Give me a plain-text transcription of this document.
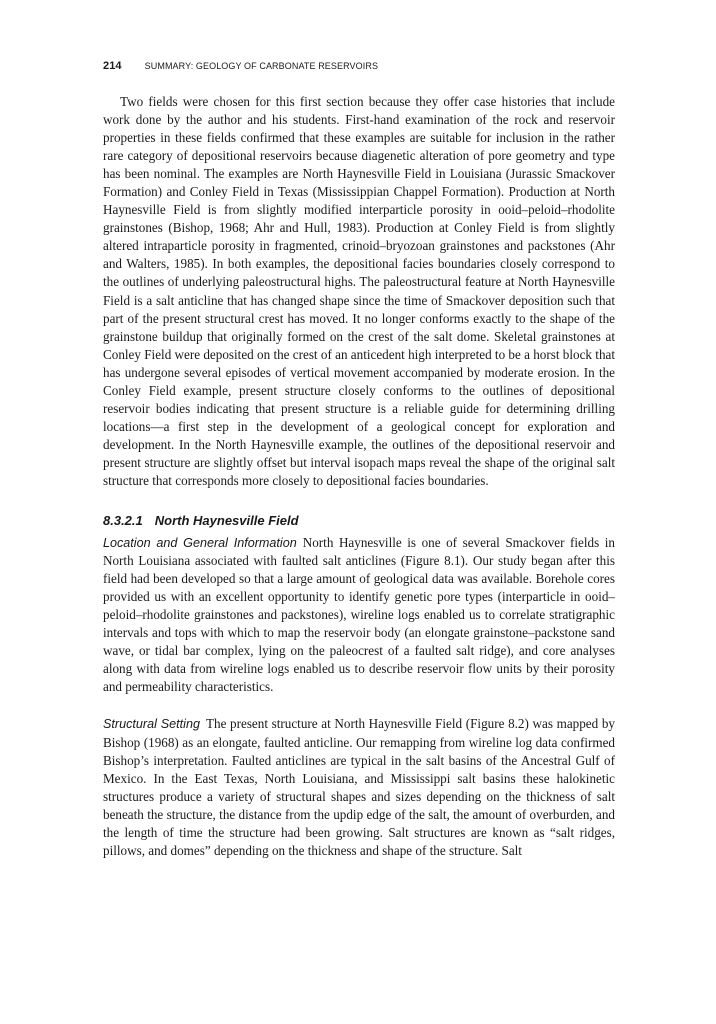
214	SUMMARY: GEOLOGY OF CARBONATE RESERVOIRS

Two fields were chosen for this first section because they offer case histories that include work done by the author and his students. First-hand examination of the rock and reservoir properties in these fields confirmed that these examples are suitable for inclusion in the rather rare category of depositional reservoirs because diagenetic alteration of pore geometry and type has been nominal. The examples are North Haynesville Field in Louisiana (Jurassic Smackover Formation) and Conley Field in Texas (Mississippian Chappel Formation). Production at North Haynesville Field is from slightly modified interparticle porosity in ooid–peloid–rhodolite grainstones (Bishop, 1968; Ahr and Hull, 1983). Production at Conley Field is from slightly altered intraparticle porosity in fragmented, crinoid–bryozoan grainstones and packstones (Ahr and Walters, 1985). In both examples, the depositional facies boundaries closely correspond to the outlines of underlying paleostructural highs. The paleostructural feature at North Haynesville Field is a salt anticline that has changed shape since the time of Smackover deposition such that part of the present structural crest has moved. It no longer conforms exactly to the shape of the grainstone buildup that originally formed on the crest of the salt dome. Skeletal grainstones at Conley Field were deposited on the crest of an anticedent high interpreted to be a horst block that has undergone several episodes of vertical movement accompanied by moderate erosion. In the Conley Field example, present structure closely conforms to the outlines of depositional reservoir bodies indicating that present structure is a reliable guide for determining drilling locations—a first step in the development of a geological concept for exploration and development. In the North Haynesville example, the outlines of the depositional reservoir and present structure are slightly offset but interval isopach maps reveal the shape of the original salt structure that corresponds more closely to depositional facies boundaries.

8.3.2.1 North Haynesville Field

Location and General Information North Haynesville is one of several Smackover fields in North Louisiana associated with faulted salt anticlines (Figure 8.1). Our study began after this field had been developed so that a large amount of geological data was available. Borehole cores provided us with an excellent opportunity to identify genetic pore types (interparticle in ooid–peloid–rhodolite grainstones and packstones), wireline logs enabled us to correlate stratigraphic intervals and tops with which to map the reservoir body (an elongate grainstone–packstone sand wave, or tidal bar complex, lying on the paleocrest of a faulted salt ridge), and core analyses along with data from wireline logs enabled us to describe reservoir flow units by their porosity and permeability characteristics.

Structural Setting The present structure at North Haynesville Field (Figure 8.2) was mapped by Bishop (1968) as an elongate, faulted anticline. Our remapping from wireline log data confirmed Bishop’s interpretation. Faulted anticlines are typical in the salt basins of the Ancestral Gulf of Mexico. In the East Texas, North Louisiana, and Mississippi salt basins these halokinetic structures produce a variety of structural shapes and sizes depending on the thickness of salt beneath the structure, the distance from the updip edge of the salt, the amount of overburden, and the length of time the structure had been growing. Salt structures are known as “salt ridges, pillows, and domes” depending on the thickness and shape of the structure. Salt
